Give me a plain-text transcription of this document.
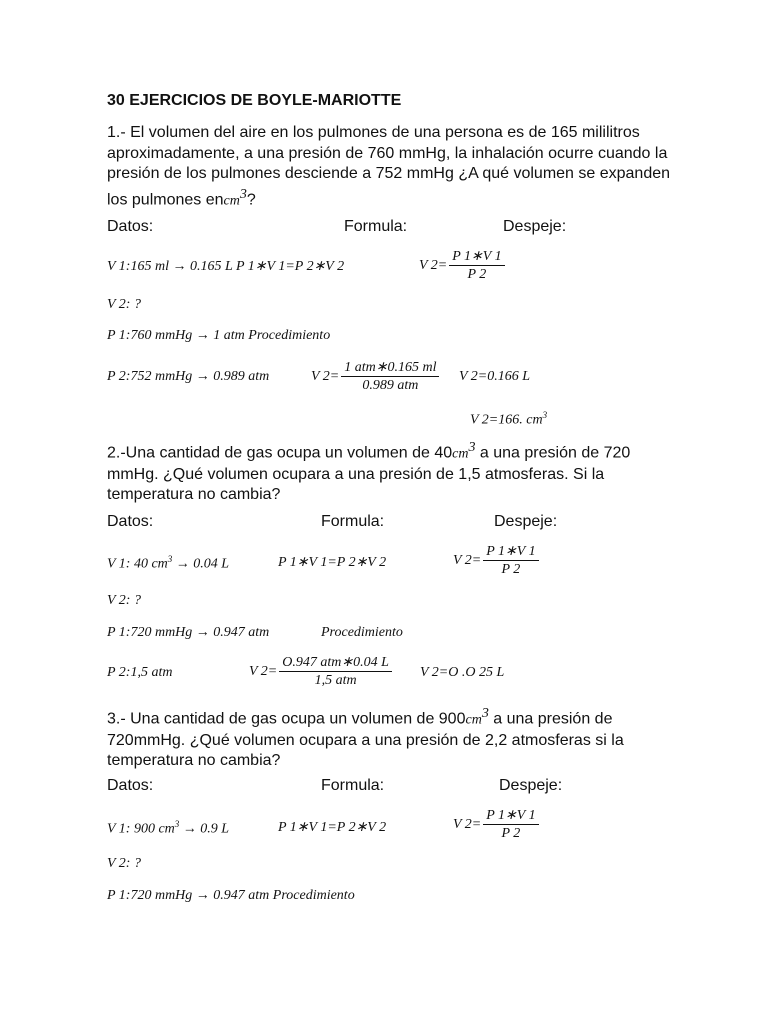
30 EJERCICIOS DE BOYLE-MARIOTTE
1.- El volumen del aire en los pulmones de una persona es de 165 mililitros aproximadamente, a una presión de 760 mmHg, la inhalación ocurre cuando la presión de los pulmones desciende a 752 mmHg ¿A qué volumen se expanden los pulmones encm$^3$?
Datos:	Formula:	Despeje:
V 1:165 ml → 0.165 L P 1∗V 1=P 2∗V 2	V $2= \frac{P 1∗V 1}{P 2}$
V 2: ?
P 1:760 mmHg → 1 atm Procedimiento
P 2:752 mmHg → 0.989 atm	V $2= \frac{\text{1 atm∗0.165 ml}}{\text{0.989 atm}}$ V 2=0.166 L
V 2=166. $cm^3$
2.-Una cantidad de gas ocupa un volumen de $40cm^3$ a una presión de 720 mmHg. ¿Qué volumen ocupara a una presión de 1,5 atmosferas. Si la temperatura no cambia?
Datos:	Formula:	Despeje:
V 1: 40 $cm^3 \to 0.04$ L	P 1∗V 1=P 2∗V 2	V $2= \frac{P 1∗V 1}{P 2}$
V 2: ?
P 1:720 mmHg → 0.947 atm	Procedimiento
P 2:1,5 atm	V $2= \frac{\text{O.947 atm∗0.04 L}}{\text{1,5 atm}}$ V 2=O .O 25 L
3.- Una cantidad de gas ocupa un volumen de $900cm^3$ a una presión de 720mmHg. ¿Qué volumen ocupara a una presión de 2,2 atmosferas si la temperatura no cambia?
Datos:	Formula:	Despeje:
V 1: 900 $cm^3 \to 0.9$ L	P 1∗V 1=P 2∗V 2	V $2= \frac{P 1∗V 1}{P 2}$
V 2: ?
P 1:720 mmHg → 0.947 atm Procedimiento
